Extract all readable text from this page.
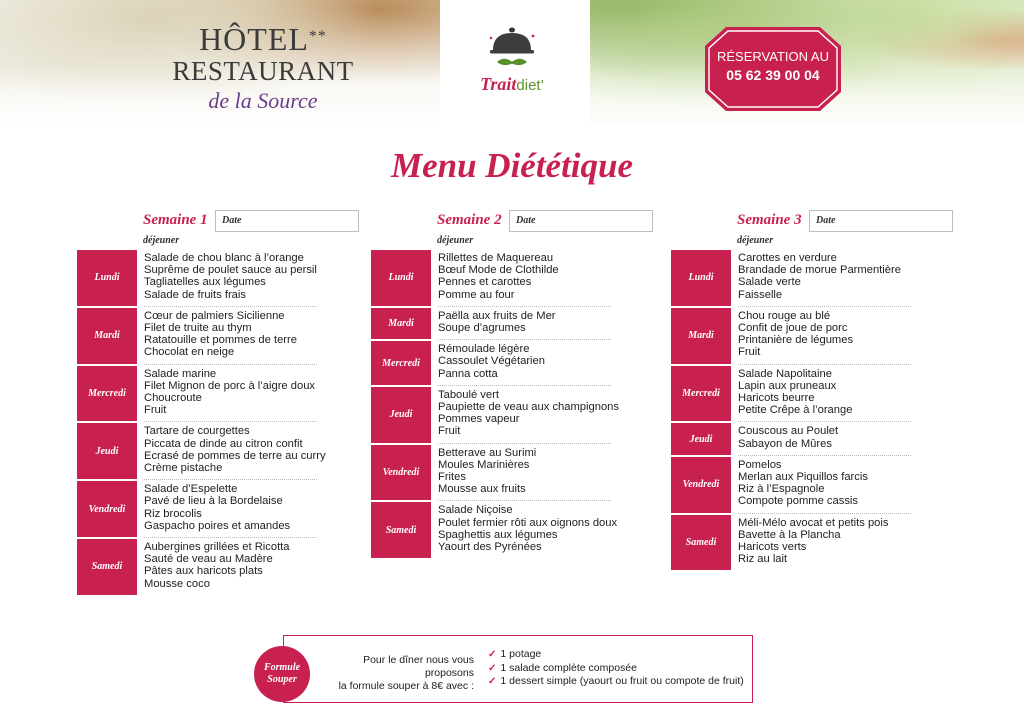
HÔTEL**
RESTAURANT
de la Source
Traitdiet’
RÉSERVATION AU
05 62 39 00 04
Menu Diététique
Semaine 1	Date
déjeuner
Lundi
Salade de chou blanc à l’orange
Suprême de poulet sauce au persil
Tagliatelles aux légumes
Salade de fruits frais
Mardi
Cœur de palmiers Sicilienne
Filet de truite au thym
Ratatouille et pommes de terre
Chocolat en neige
Mercredi
Salade marine
Filet Mignon de porc à l’aigre doux
Choucroute
Fruit
Jeudi
Tartare de courgettes
Piccata de dinde au citron confit
Ecrasé de pommes de terre au curry
Crème pistache
Vendredi
Salade d’Espelette
Pavé de lieu à la Bordelaise
Riz brocolis
Gaspacho poires et amandes
Samedi
Aubergines grillées et Ricotta
Sauté de veau au Madère
Pâtes aux haricots plats
Mousse coco
Semaine 2	Date
déjeuner
Lundi
Rillettes de Maquereau
Bœuf Mode de Clothilde
Pennes et carottes
Pomme au four
Mardi
Paëlla aux fruits de Mer
Soupe d’agrumes
Mercredi
Rémoulade légère
Cassoulet Végétarien
Panna cotta
Jeudi
Taboulé vert
Paupiette de veau aux champignons
Pommes vapeur
Fruit
Vendredi
Betterave au Surimi
Moules Marinières
Frites
Mousse aux fruits
Samedi
Salade Niçoise
Poulet fermier rôti aux oignons doux
Spaghettis aux légumes
Yaourt des Pyrénées
Semaine 3	Date
déjeuner
Lundi
Carottes en verdure
Brandade de morue Parmentière
Salade verte
Faisselle
Mardi
Chou rouge au blé
Confit de joue de porc
Printanière de légumes
Fruit
Mercredi
Salade Napolitaine
Lapin aux pruneaux
Haricots beurre
Petite Crêpe à l’orange
Jeudi
Couscous au Poulet
Sabayon de Mûres
Vendredi
Pomelos
Merlan aux Piquillos farcis
Riz à l’Espagnole
Compote pomme cassis
Samedi
Méli-Mélo avocat et petits pois
Bavette à la Plancha
Haricots verts
Riz au lait
Pour le dîner nous vous proposons
la formule souper à 8€ avec :
✓ 1 potage
✓ 1 salade complète composée
✓ 1 dessert simple (yaourt ou fruit ou compote de fruit)
Formule
Souper
